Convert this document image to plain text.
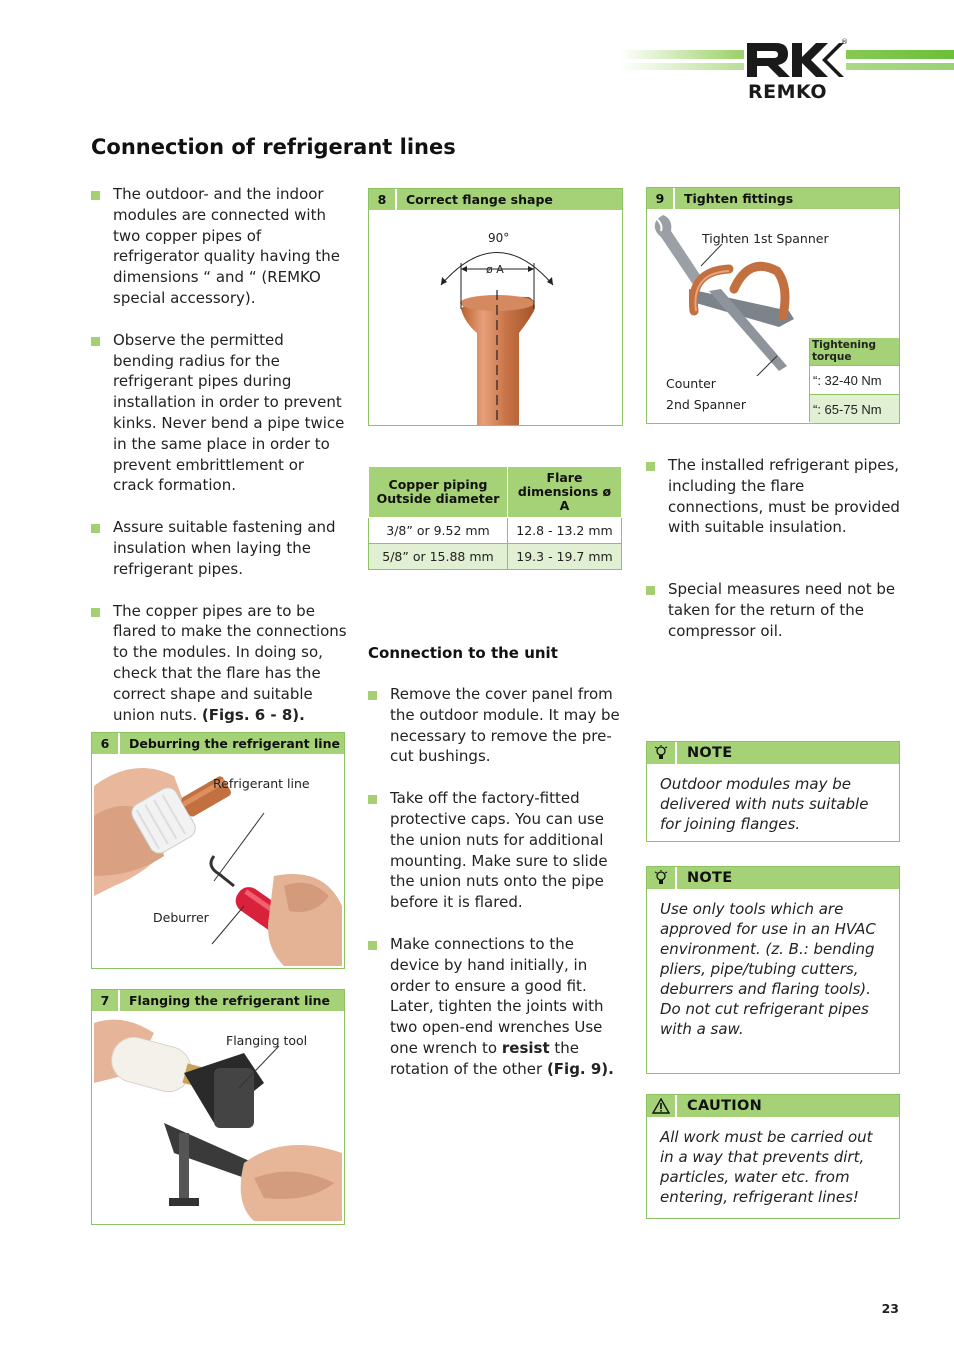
®
REMKO
Connection of refrigerant lines
The outdoor- and the indoor modules are connected with two copper pipes of refrigerator quality having the dimensions “ and “ (REMKO special accessory).
Observe the permitted bending radius for the refrigerant pipes during installation in order to prevent kinks. Never bend a pipe twice in the same place in order to prevent embrittlement or crack formation.
Assure suitable fastening and insulation when laying the refrigerant pipes.
The copper pipes are to be flared to make the connections to the modules. In doing so, check that the flare has the correct shape and suitable union nuts. (Figs. 6 - 8).
6	Deburring the refrigerant line
Refrigerant line
Deburrer
7	Flanging the refrigerant line
Flanging tool
8	Correct flange shape
90°
ø A
Copper piping
Outside diameter	Flare
dimensions ø A
3/8” or 9.52 mm	12.8 - 13.2 mm
5/8” or 15.88 mm	19.3 - 19.7 mm
Connection to the unit
Remove the cover panel from the outdoor module. It may be necessary to remove the pre-cut bushings.
Take off the factory-fitted protective caps. You can use the union nuts for additional mounting. Make sure to slide the union nuts onto the pipe before it is flared.
Make connections to the device by hand initially, in order to ensure a good fit. Later, tighten the joints with two open-end wrenches Use one wrench to resist the rotation of the other (Fig. 9).
9	Tighten fittings
Tighten 1st Spanner
Counter
2nd Spanner
Tightening torque
“: 32-40 Nm
“: 65-75 Nm
The installed refrigerant pipes, including the flare connections, must be provided with suitable insulation.
Special measures need not be taken for the return of the compressor oil.
NOTE
Outdoor modules may be delivered with nuts suitable for joining flanges.
NOTE
Use only tools which are approved for use in an HVAC environment. (z. B.: bending pliers, pipe/tubing cutters, deburrers and flaring tools). Do not cut refrigerant pipes with a saw.
CAUTION
All work must be carried out in a way that prevents dirt, particles, water etc. from entering, refrigerant lines!
23
